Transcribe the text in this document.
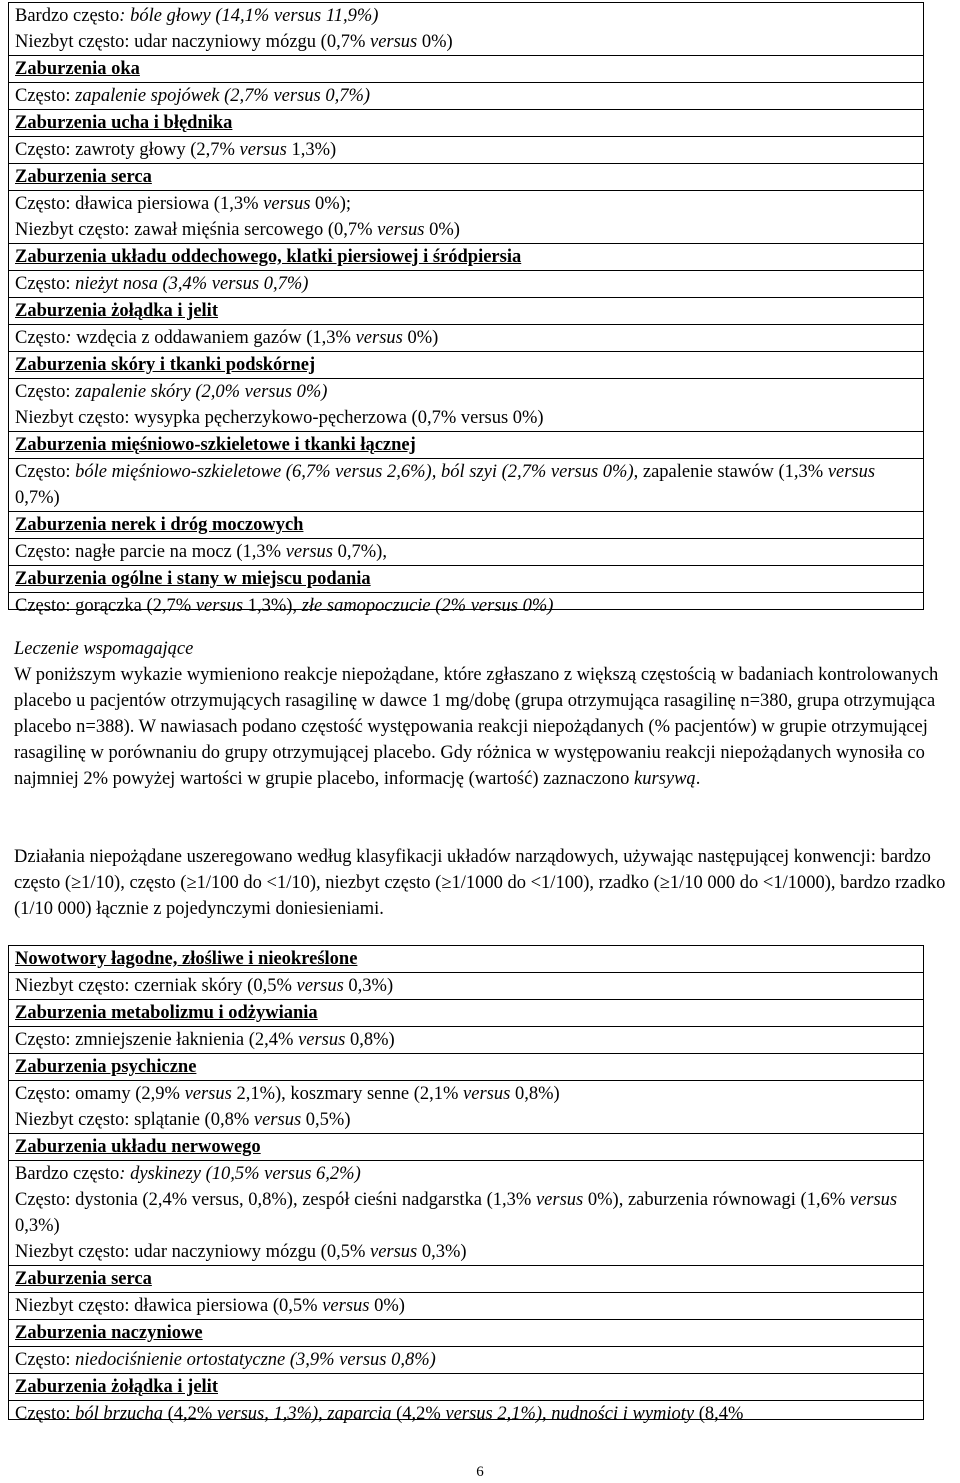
Bardzo często: bóle głowy (14,1% versus 11,9%)
Niezbyt często: udar naczyniowy mózgu (0,7% versus 0%)
Zaburzenia oka
Często: zapalenie spojówek (2,7% versus 0,7%)
Zaburzenia ucha i błędnika
Często: zawroty głowy (2,7% versus 1,3%)
Zaburzenia serca
Często: dławica piersiowa (1,3% versus 0%);
Niezbyt często: zawał mięśnia sercowego (0,7% versus 0%)
Zaburzenia układu oddechowego, klatki piersiowej i śródpiersia
Często: nieżyt nosa (3,4% versus 0,7%)
Zaburzenia żołądka i jelit
Często: wzdęcia z oddawaniem gazów (1,3% versus 0%)
Zaburzenia skóry i tkanki podskórnej
Często: zapalenie skóry (2,0% versus 0%)
Niezbyt często: wysypka pęcherzykowo-pęcherzowa (0,7% versus 0%)
Zaburzenia mięśniowo-szkieletowe i tkanki łącznej
Często: bóle mięśniowo-szkieletowe (6,7% versus 2,6%), ból szyi (2,7% versus 0%), zapalenie stawów (1,3% versus 0,7%)
Zaburzenia nerek i dróg moczowych
Często: nagłe parcie na mocz (1,3% versus 0,7%),
Zaburzenia ogólne i stany w miejscu podania
Często: gorączka (2,7% versus 1,3%), złe samopoczucie (2% versus 0%)

Leczenie wspomagające

W poniższym wykazie wymieniono reakcje niepożądane, które zgłaszano z większą częstością w badaniach kontrolowanych placebo u pacjentów otrzymujących rasagilinę w dawce 1 mg/dobę (grupa otrzymująca rasagilinę n=380, grupa otrzymująca placebo n=388). W nawiasach podano częstość występowania reakcji niepożądanych (% pacjentów) w grupie otrzymującej rasagilinę w porównaniu do grupy otrzymującej placebo. Gdy różnica w występowaniu reakcji niepożądanych wynosiła co najmniej 2% powyżej wartości w grupie placebo, informację (wartość) zaznaczono kursywą.

Działania niepożądane uszeregowano według klasyfikacji układów narządowych, używając następującej konwencji: bardzo często (≥1/10), często (≥1/100 do <1/10), niezbyt często (≥1/1000 do <1/100), rzadko (≥1/10 000 do <1/1000), bardzo rzadko (1/10 000) łącznie z pojedynczymi doniesieniami.

Nowotwory łagodne, złośliwe i nieokreślone
Niezbyt często: czerniak skóry (0,5% versus 0,3%)
Zaburzenia metabolizmu i odżywiania
Często: zmniejszenie łaknienia (2,4% versus 0,8%)
Zaburzenia psychiczne
Często: omamy (2,9% versus 2,1%), koszmary senne (2,1% versus 0,8%)
Niezbyt często: splątanie (0,8% versus 0,5%)
Zaburzenia układu nerwowego
Bardzo często: dyskinezy (10,5% versus 6,2%)
Często: dystonia (2,4% versus, 0,8%), zespół cieśni nadgarstka (1,3% versus 0%), zaburzenia równowagi (1,6% versus 0,3%)
Niezbyt często: udar naczyniowy mózgu (0,5% versus 0,3%)
Zaburzenia serca
Niezbyt często: dławica piersiowa (0,5% versus 0%)
Zaburzenia naczyniowe
Często: niedociśnienie ortostatyczne (3,9% versus 0,8%)
Zaburzenia żołądka i jelit
Często: ból brzucha (4,2% versus, 1,3%), zaparcia (4,2% versus 2,1%), nudności i wymioty (8,4%
6
